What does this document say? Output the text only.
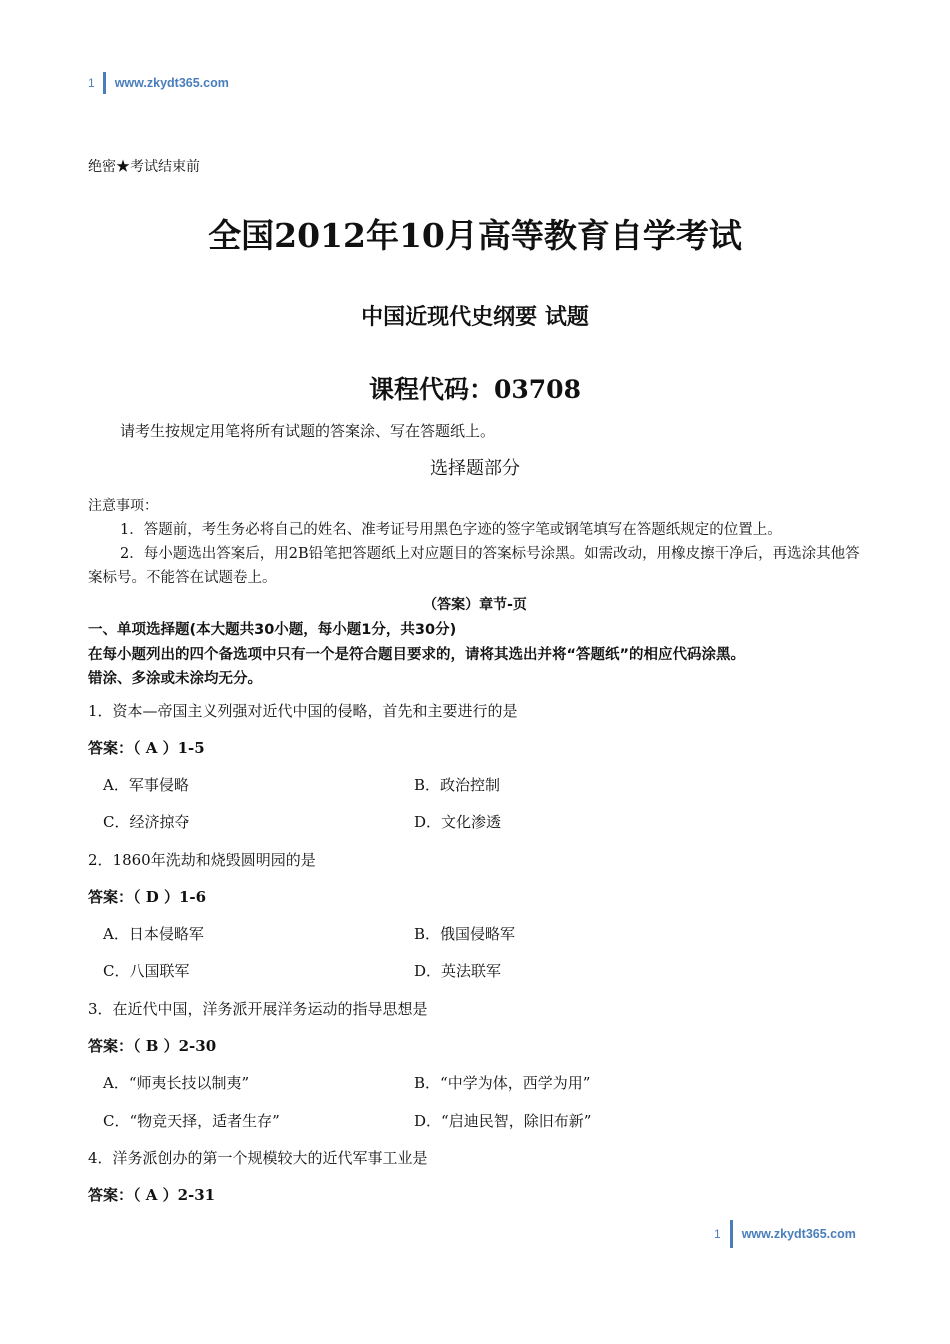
1 www.zkydt365.com
绝密★考试结束前
全国2012年10月高等教育自学考试
中国近现代史纲要 试题
课程代码：03708
请考生按规定用笔将所有试题的答案涂、写在答题纸上。
选择题部分
注意事项：
1．答题前，考生务必将自己的姓名、准考证号用黑色字迹的签字笔或钢笔填写在答题纸规定的位置上。
2．每小题选出答案后，用2B铅笔把答题纸上对应题目的答案标号涂黑。如需改动，用橡皮擦干净后，再选涂其他答案标号。不能答在试题卷上。
（答案）章节-页
一、单项选择题(本大题共30小题，每小题1分，共30分)
在每小题列出的四个备选项中只有一个是符合题目要求的，请将其选出并将“答题纸”的相应代码涂黑。
错涂、多涂或未涂均无分。
1．资本—帝国主义列强对近代中国的侵略，首先和主要进行的是
答案：（ A ）1-5
A．军事侵略	B．政治控制
C．经济掠夺	D．文化渗透
2．1860年洗劫和烧毁圆明园的是
答案：（ D ）1-6
A．日本侵略军	B．俄国侵略军
C．八国联军	D．英法联军
3．在近代中国，洋务派开展洋务运动的指导思想是
答案：（ B ）2-30
A．“师夷长技以制夷”	B．“中学为体，西学为用”
C．“物竞天择，适者生存”	D．“启迪民智，除旧布新”
4．洋务派创办的第一个规模较大的近代军事工业是
答案：（ A ）2-31
1 www.zkydt365.com
